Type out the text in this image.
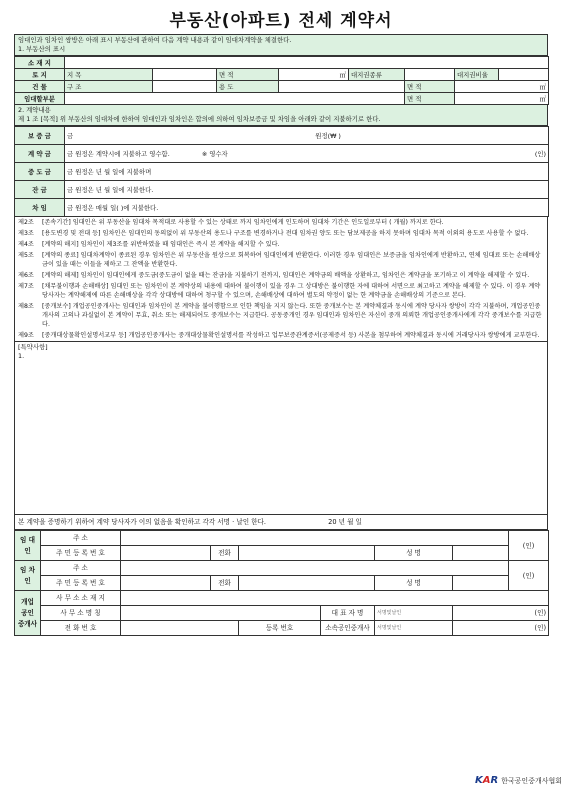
부동산(아파트) 전세 계약서
임대인과 임차인 쌍방은 아래 표시 부동산에 관하여 다음 계약 내용과 같이 임대차계약을 체결한다.
1. 부동산의 표시
소 재 지								
토 지	지 목		면 적	㎡	대지권종류		대지권비율	
건 물	구 조		용 도			면 적	㎡	
임대할부분						면 적	㎡	
2. 계약내용
제 1 조 [목적] 위 부동산의 임대차에 한하여 임대인과 임차인은 합의에 의하여 임차보증금 및 차임을 아래와 같이 지불하기로 한다.
보 증 금	금 원정(₩ )
계 약 금	금 원정은 계약시에 지불하고 영수함. ※ 영수자 (인)

중 도 금	금 원정은 년 월 일에 지불하며
잔 금	금 원정은 년 월 일에 지불한다.
차 임	금 원정은 매월 일( )에 지불한다.
제2조	[존속기간] 임대인은 위 부동산을 임대차 목적대로 사용할 수 있는 상태로 까지 임차인에게 인도하며 임대차 기간은 인도일로부터 ( 개월) 까지로 한다.
제3조	[용도변경 및 전대 등] 임차인은 임대인의 동의없이 위 부동산의 용도나 구조를 변경하거나 전대 임차권 양도 또는 담보제공을 하지 못하며 임대차 목적 이외의 용도로 사용할 수 없다.
제4조	[계약의 해지] 임차인이 제3조를 위반하였을 때 임대인은 즉시 본 계약을 해지할 수 있다.
제5조	[계약의 종료] 임대차계약이 종료된 경우 임차인은 위 부동산을 원상으로 회복하여 임대인에게 반환한다. 이러한 경우 임대인은 보증금을 임차인에게 반환하고, 연체 임대료 또는 손해배상금이 있을 때는 이들을 제하고 그 잔액을 반환한다.
제6조	[계약의 해제] 임차인이 임대인에게 중도금(중도금이 없을 때는 잔금)을 지불하기 전까지, 임대인은 계약금의 배액을 상환하고, 임차인은 계약금을 포기하고 이 계약을 해제할 수 있다.
제7조	[채무불이행과 손해배상] 임대인 또는 임차인이 본 계약상의 내용에 대하여 불이행이 있을 경우 그 상대방은 불이행한 자에 대하여 서면으로 최고하고 계약을 해제할 수 있다. 이 경우 계약 당사자는 계약해제에 따른 손해배상을 각각 상대방에 대하여 청구할 수 있으며, 손해배상에 대하여 별도의 약정이 없는 한 계약금을 손해배상의 기준으로 본다.
제8조	[중개보수] 개업공인중개사는 임대인과 임차인이 본 계약을 불이행함으로 인한 책임을 지지 않는다. 또한 중개보수는 본 계약체결과 동시에 계약 당사자 쌍방이 각각 지불하며, 개업공인중개사의 고의나 과실없이 본 계약이 무효, 취소 또는 해제되어도 중개보수는 지급한다. 공동중개인 경우 임대인과 임차인은 자신이 중개 의뢰한 개업공인중개사에게 각각 중개보수를 지급한다.
제9조	[중개대상물확인설명서교부 등] 개업공인중개사는 중개대상물확인설명서를 작성하고 업무보증관계증서(공제증서 등) 사본을 첨부하여 계약체결과 동시에 거래당사자 쌍방에게 교부한다.
[특약사항]
1.
본 계약을 증명하기 위하여 계약 당사자가 이의 없음을 확인하고 각각 서명 · 날인 한다.	20 년 월 일
임 대 인	주 소							(인)
	주 민 등 록 번 호		전화			성 명		
임 차 인	주 소							(인)
	주 민 등 록 번 호		전화			성 명		
개업 공인 중개사	사 무 소 소 재 지							
	사 무 소 명 칭				대 표 자 명	서명및날인	(인)	
	전 화 번 호			등록 번호	소속공인중개사	서명및날인	(인)	
KAR 한국공인중개사협회
